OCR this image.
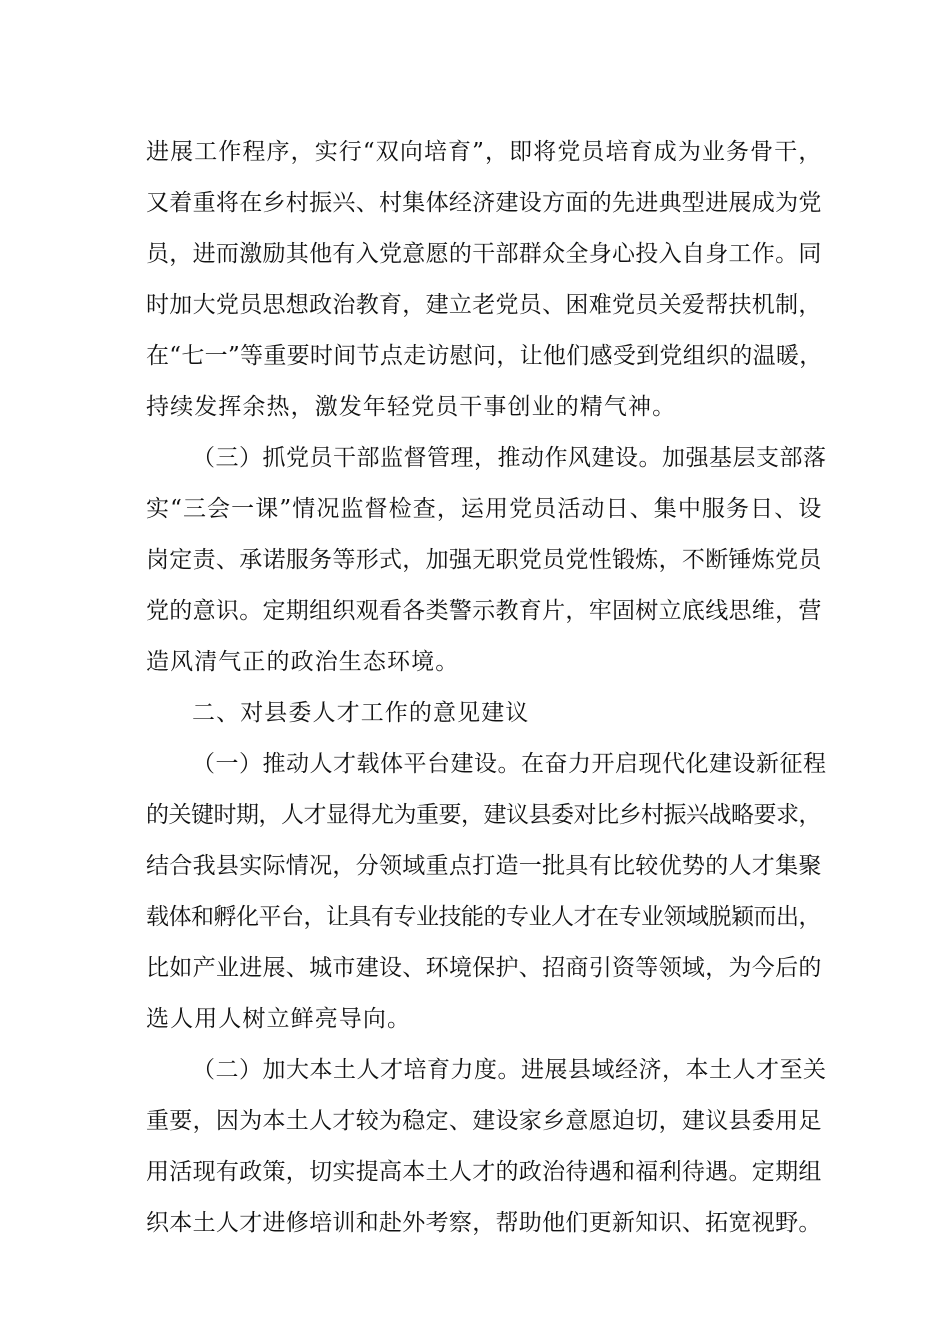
进展工作程序，实行“双向培育”，即将党员培育成为业务骨干，
又着重将在乡村振兴、村集体经济建设方面的先进典型进展成为党
员，进而激励其他有入党意愿的干部群众全身心投入自身工作。同
时加大党员思想政治教育，建立老党员、困难党员关爱帮扶机制，
在“七一”等重要时间节点走访慰问，让他们感受到党组织的温暖，
持续发挥余热，激发年轻党员干事创业的精气神。
（三）抓党员干部监督管理，推动作风建设。加强基层支部落
实“三会一课”情况监督检查，运用党员活动日、集中服务日、设
岗定责、承诺服务等形式，加强无职党员党性锻炼，不断锤炼党员
党的意识。定期组织观看各类警示教育片，牢固树立底线思维，营
造风清气正的政治生态环境。
二、对县委人才工作的意见建议
（一）推动人才载体平台建设。在奋力开启现代化建设新征程
的关键时期，人才显得尤为重要，建议县委对比乡村振兴战略要求，
结合我县实际情况，分领域重点打造一批具有比较优势的人才集聚
载体和孵化平台，让具有专业技能的专业人才在专业领域脱颖而出，
比如产业进展、城市建设、环境保护、招商引资等领域，为今后的
选人用人树立鲜亮导向。
（二）加大本土人才培育力度。进展县域经济，本土人才至关
重要，因为本土人才较为稳定、建设家乡意愿迫切，建议县委用足
用活现有政策，切实提高本土人才的政治待遇和福利待遇。定期组
织本土人才进修培训和赴外考察，帮助他们更新知识、拓宽视野。
